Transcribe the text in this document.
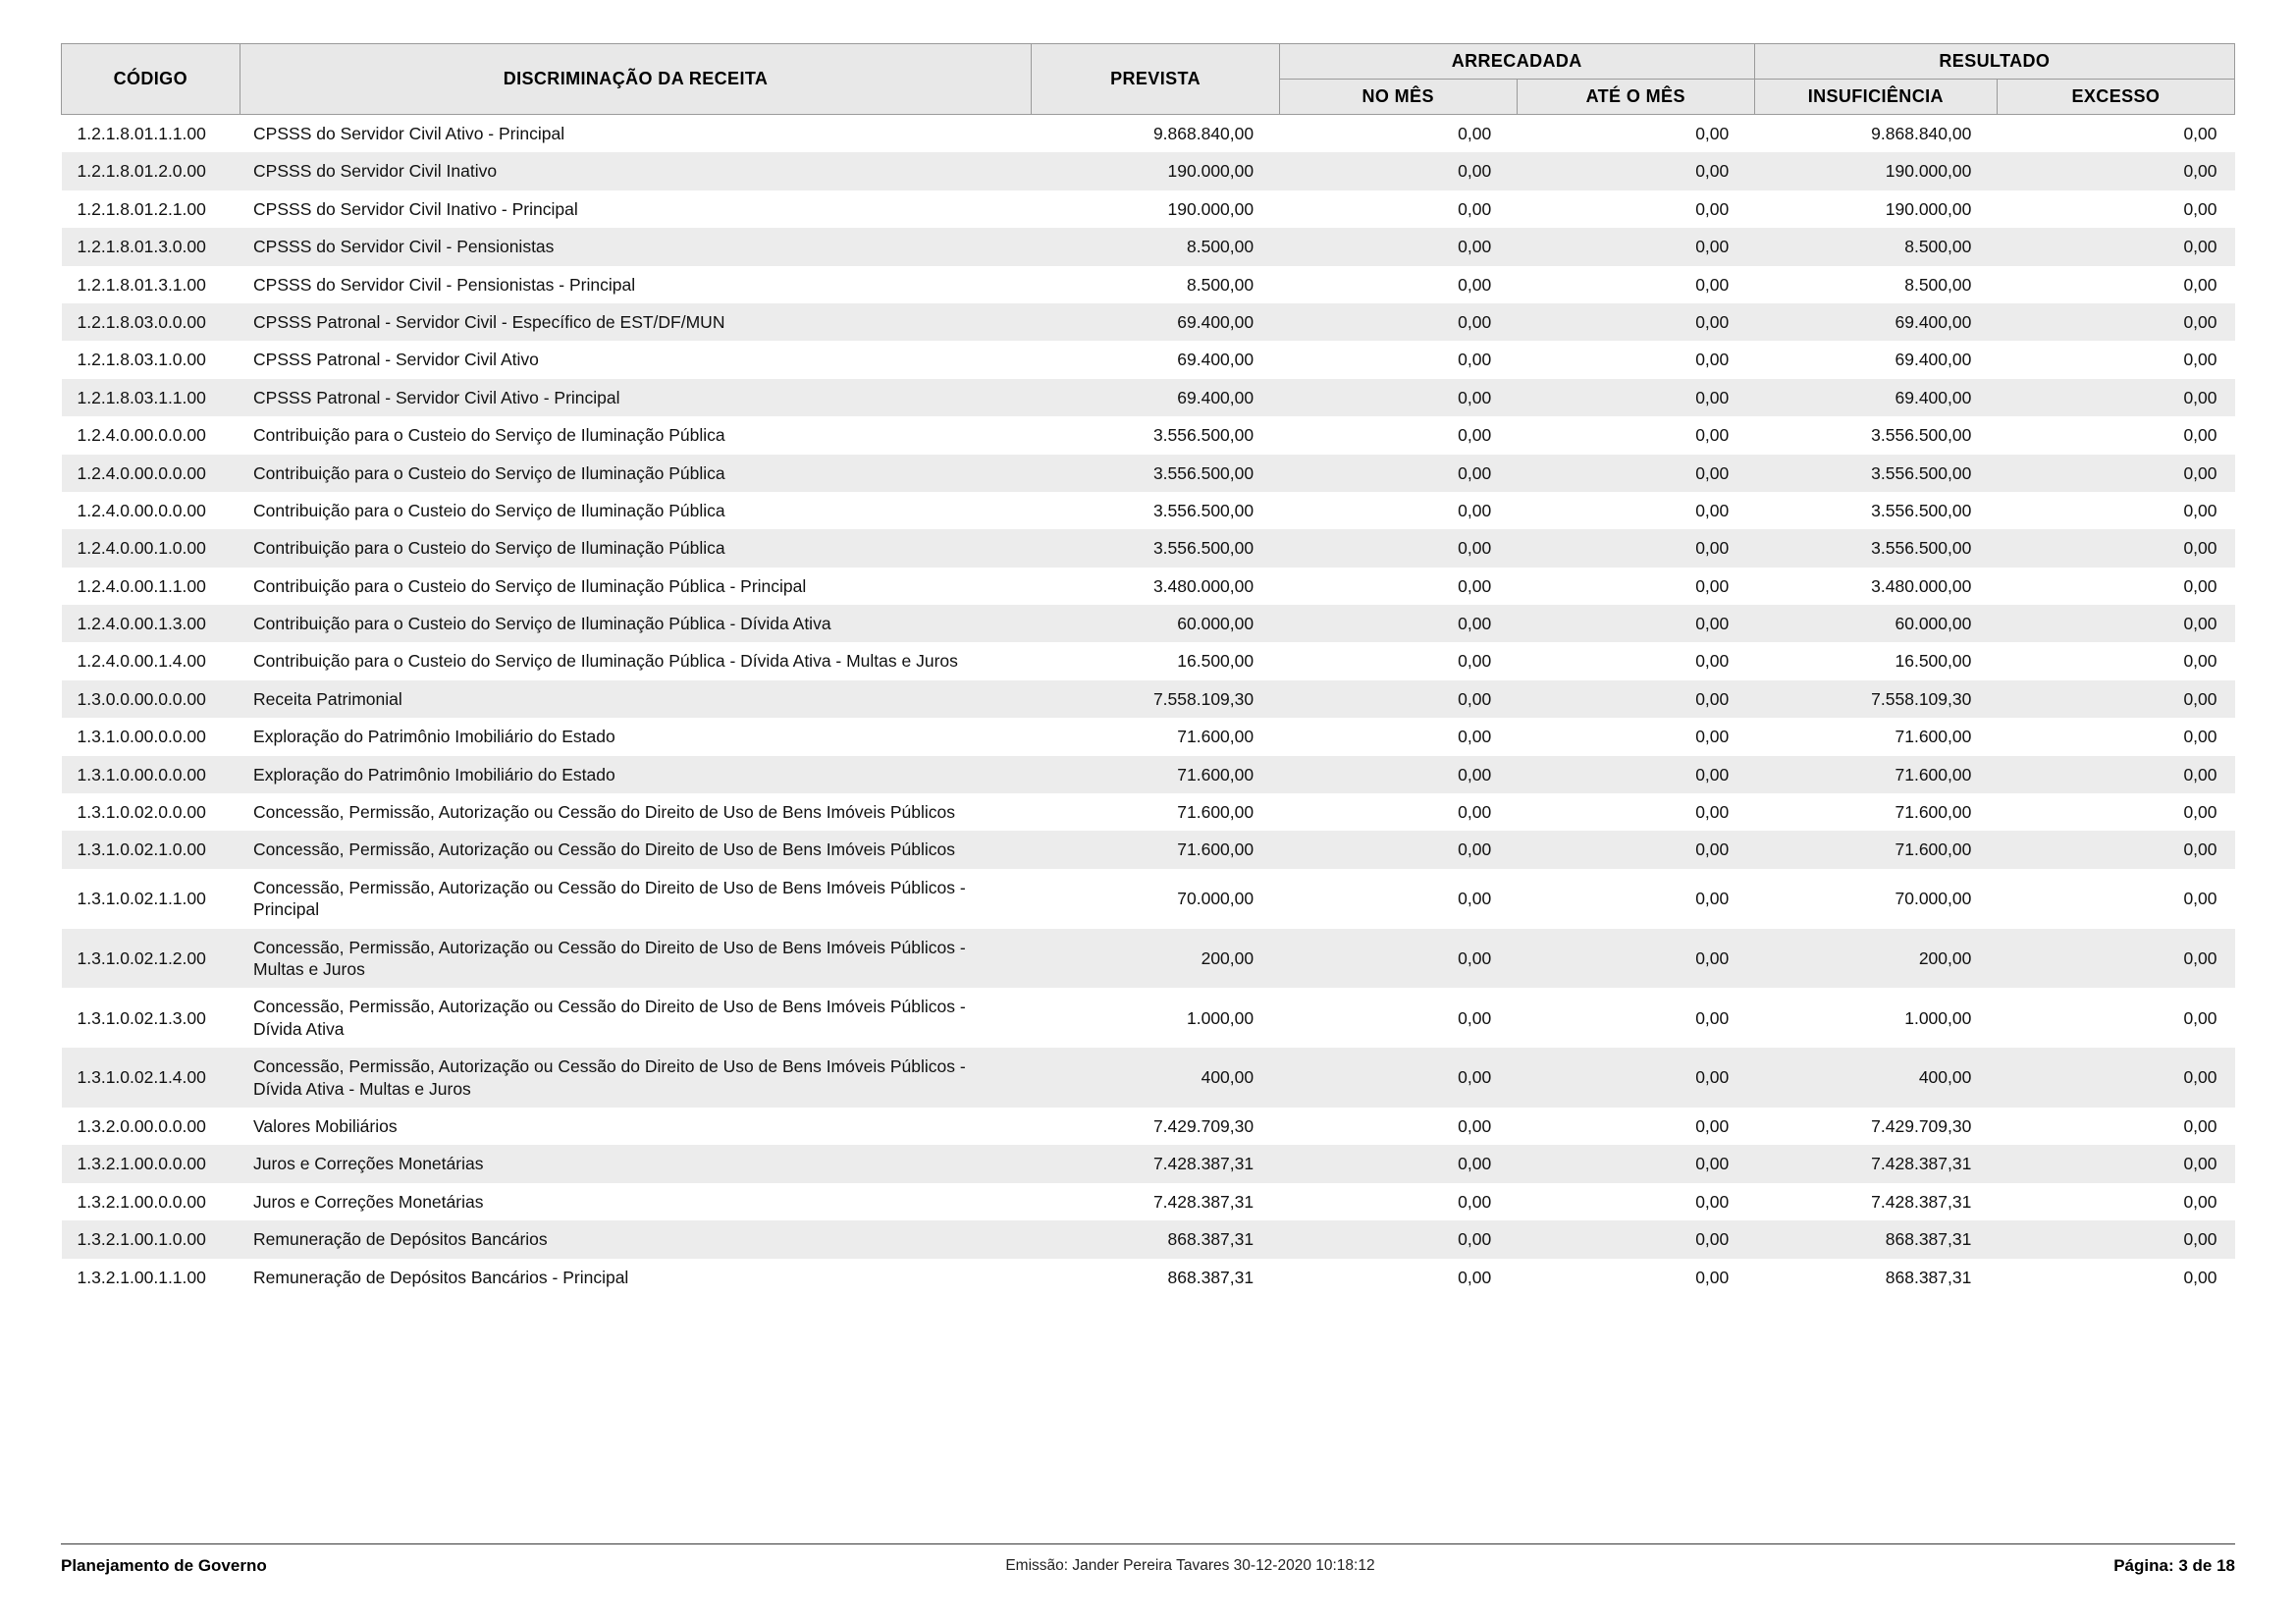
CÓDIGO	DISCRIMINAÇÃO DA RECEITA	PREVISTA	ARRECADADA		RESULTADO	
			NO MÊS	ATÉ O MÊS	INSUFICIÊNCIA	EXCESSO
1.2.1.8.01.1.1.00	CPSSS do Servidor Civil Ativo - Principal	9.868.840,00	0,00	0,00	9.868.840,00	0,00
1.2.1.8.01.2.0.00	CPSSS do Servidor Civil Inativo	190.000,00	0,00	0,00	190.000,00	0,00
1.2.1.8.01.2.1.00	CPSSS do Servidor Civil Inativo - Principal	190.000,00	0,00	0,00	190.000,00	0,00
1.2.1.8.01.3.0.00	CPSSS do Servidor Civil - Pensionistas	8.500,00	0,00	0,00	8.500,00	0,00
1.2.1.8.01.3.1.00	CPSSS do Servidor Civil - Pensionistas - Principal	8.500,00	0,00	0,00	8.500,00	0,00
1.2.1.8.03.0.0.00	CPSSS Patronal - Servidor Civil - Específico de EST/DF/MUN	69.400,00	0,00	0,00	69.400,00	0,00
1.2.1.8.03.1.0.00	CPSSS Patronal - Servidor Civil Ativo	69.400,00	0,00	0,00	69.400,00	0,00
1.2.1.8.03.1.1.00	CPSSS Patronal - Servidor Civil Ativo - Principal	69.400,00	0,00	0,00	69.400,00	0,00
1.2.4.0.00.0.0.00	Contribuição para o Custeio do Serviço de Iluminação Pública	3.556.500,00	0,00	0,00	3.556.500,00	0,00
1.2.4.0.00.0.0.00	Contribuição para o Custeio do Serviço de Iluminação Pública	3.556.500,00	0,00	0,00	3.556.500,00	0,00
1.2.4.0.00.0.0.00	Contribuição para o Custeio do Serviço de Iluminação Pública	3.556.500,00	0,00	0,00	3.556.500,00	0,00
1.2.4.0.00.1.0.00	Contribuição para o Custeio do Serviço de Iluminação Pública	3.556.500,00	0,00	0,00	3.556.500,00	0,00
1.2.4.0.00.1.1.00	Contribuição para o Custeio do Serviço de Iluminação Pública - Principal	3.480.000,00	0,00	0,00	3.480.000,00	0,00
1.2.4.0.00.1.3.00	Contribuição para o Custeio do Serviço de Iluminação Pública - Dívida Ativa	60.000,00	0,00	0,00	60.000,00	0,00
1.2.4.0.00.1.4.00	Contribuição para o Custeio do Serviço de Iluminação Pública - Dívida Ativa - Multas e Juros	16.500,00	0,00	0,00	16.500,00	0,00
1.3.0.0.00.0.0.00	Receita Patrimonial	7.558.109,30	0,00	0,00	7.558.109,30	0,00
1.3.1.0.00.0.0.00	Exploração do Patrimônio Imobiliário do Estado	71.600,00	0,00	0,00	71.600,00	0,00
1.3.1.0.00.0.0.00	Exploração do Patrimônio Imobiliário do Estado	71.600,00	0,00	0,00	71.600,00	0,00
1.3.1.0.02.0.0.00	Concessão, Permissão, Autorização ou Cessão do Direito de Uso de Bens Imóveis Públicos	71.600,00	0,00	0,00	71.600,00	0,00
1.3.1.0.02.1.0.00	Concessão, Permissão, Autorização ou Cessão do Direito de Uso de Bens Imóveis Públicos	71.600,00	0,00	0,00	71.600,00	0,00
1.3.1.0.02.1.1.00	Concessão, Permissão, Autorização ou Cessão do Direito de Uso de Bens Imóveis Públicos - Principal	70.000,00	0,00	0,00	70.000,00	0,00
1.3.1.0.02.1.2.00	Concessão, Permissão, Autorização ou Cessão do Direito de Uso de Bens Imóveis Públicos - Multas e Juros	200,00	0,00	0,00	200,00	0,00
1.3.1.0.02.1.3.00	Concessão, Permissão, Autorização ou Cessão do Direito de Uso de Bens Imóveis Públicos - Dívida Ativa	1.000,00	0,00	0,00	1.000,00	0,00
1.3.1.0.02.1.4.00	Concessão, Permissão, Autorização ou Cessão do Direito de Uso de Bens Imóveis Públicos - Dívida Ativa - Multas e Juros	400,00	0,00	0,00	400,00	0,00
1.3.2.0.00.0.0.00	Valores Mobiliários	7.429.709,30	0,00	0,00	7.429.709,30	0,00
1.3.2.1.00.0.0.00	Juros e Correções Monetárias	7.428.387,31	0,00	0,00	7.428.387,31	0,00
1.3.2.1.00.0.0.00	Juros e Correções Monetárias	7.428.387,31	0,00	0,00	7.428.387,31	0,00
1.3.2.1.00.1.0.00	Remuneração de Depósitos Bancários	868.387,31	0,00	0,00	868.387,31	0,00
1.3.2.1.00.1.1.00	Remuneração de Depósitos Bancários - Principal	868.387,31	0,00	0,00	868.387,31	0,00
Planejamento de Governo	Emissão: Jander Pereira Tavares 30-12-2020 10:18:12	Página: 3 de 18
